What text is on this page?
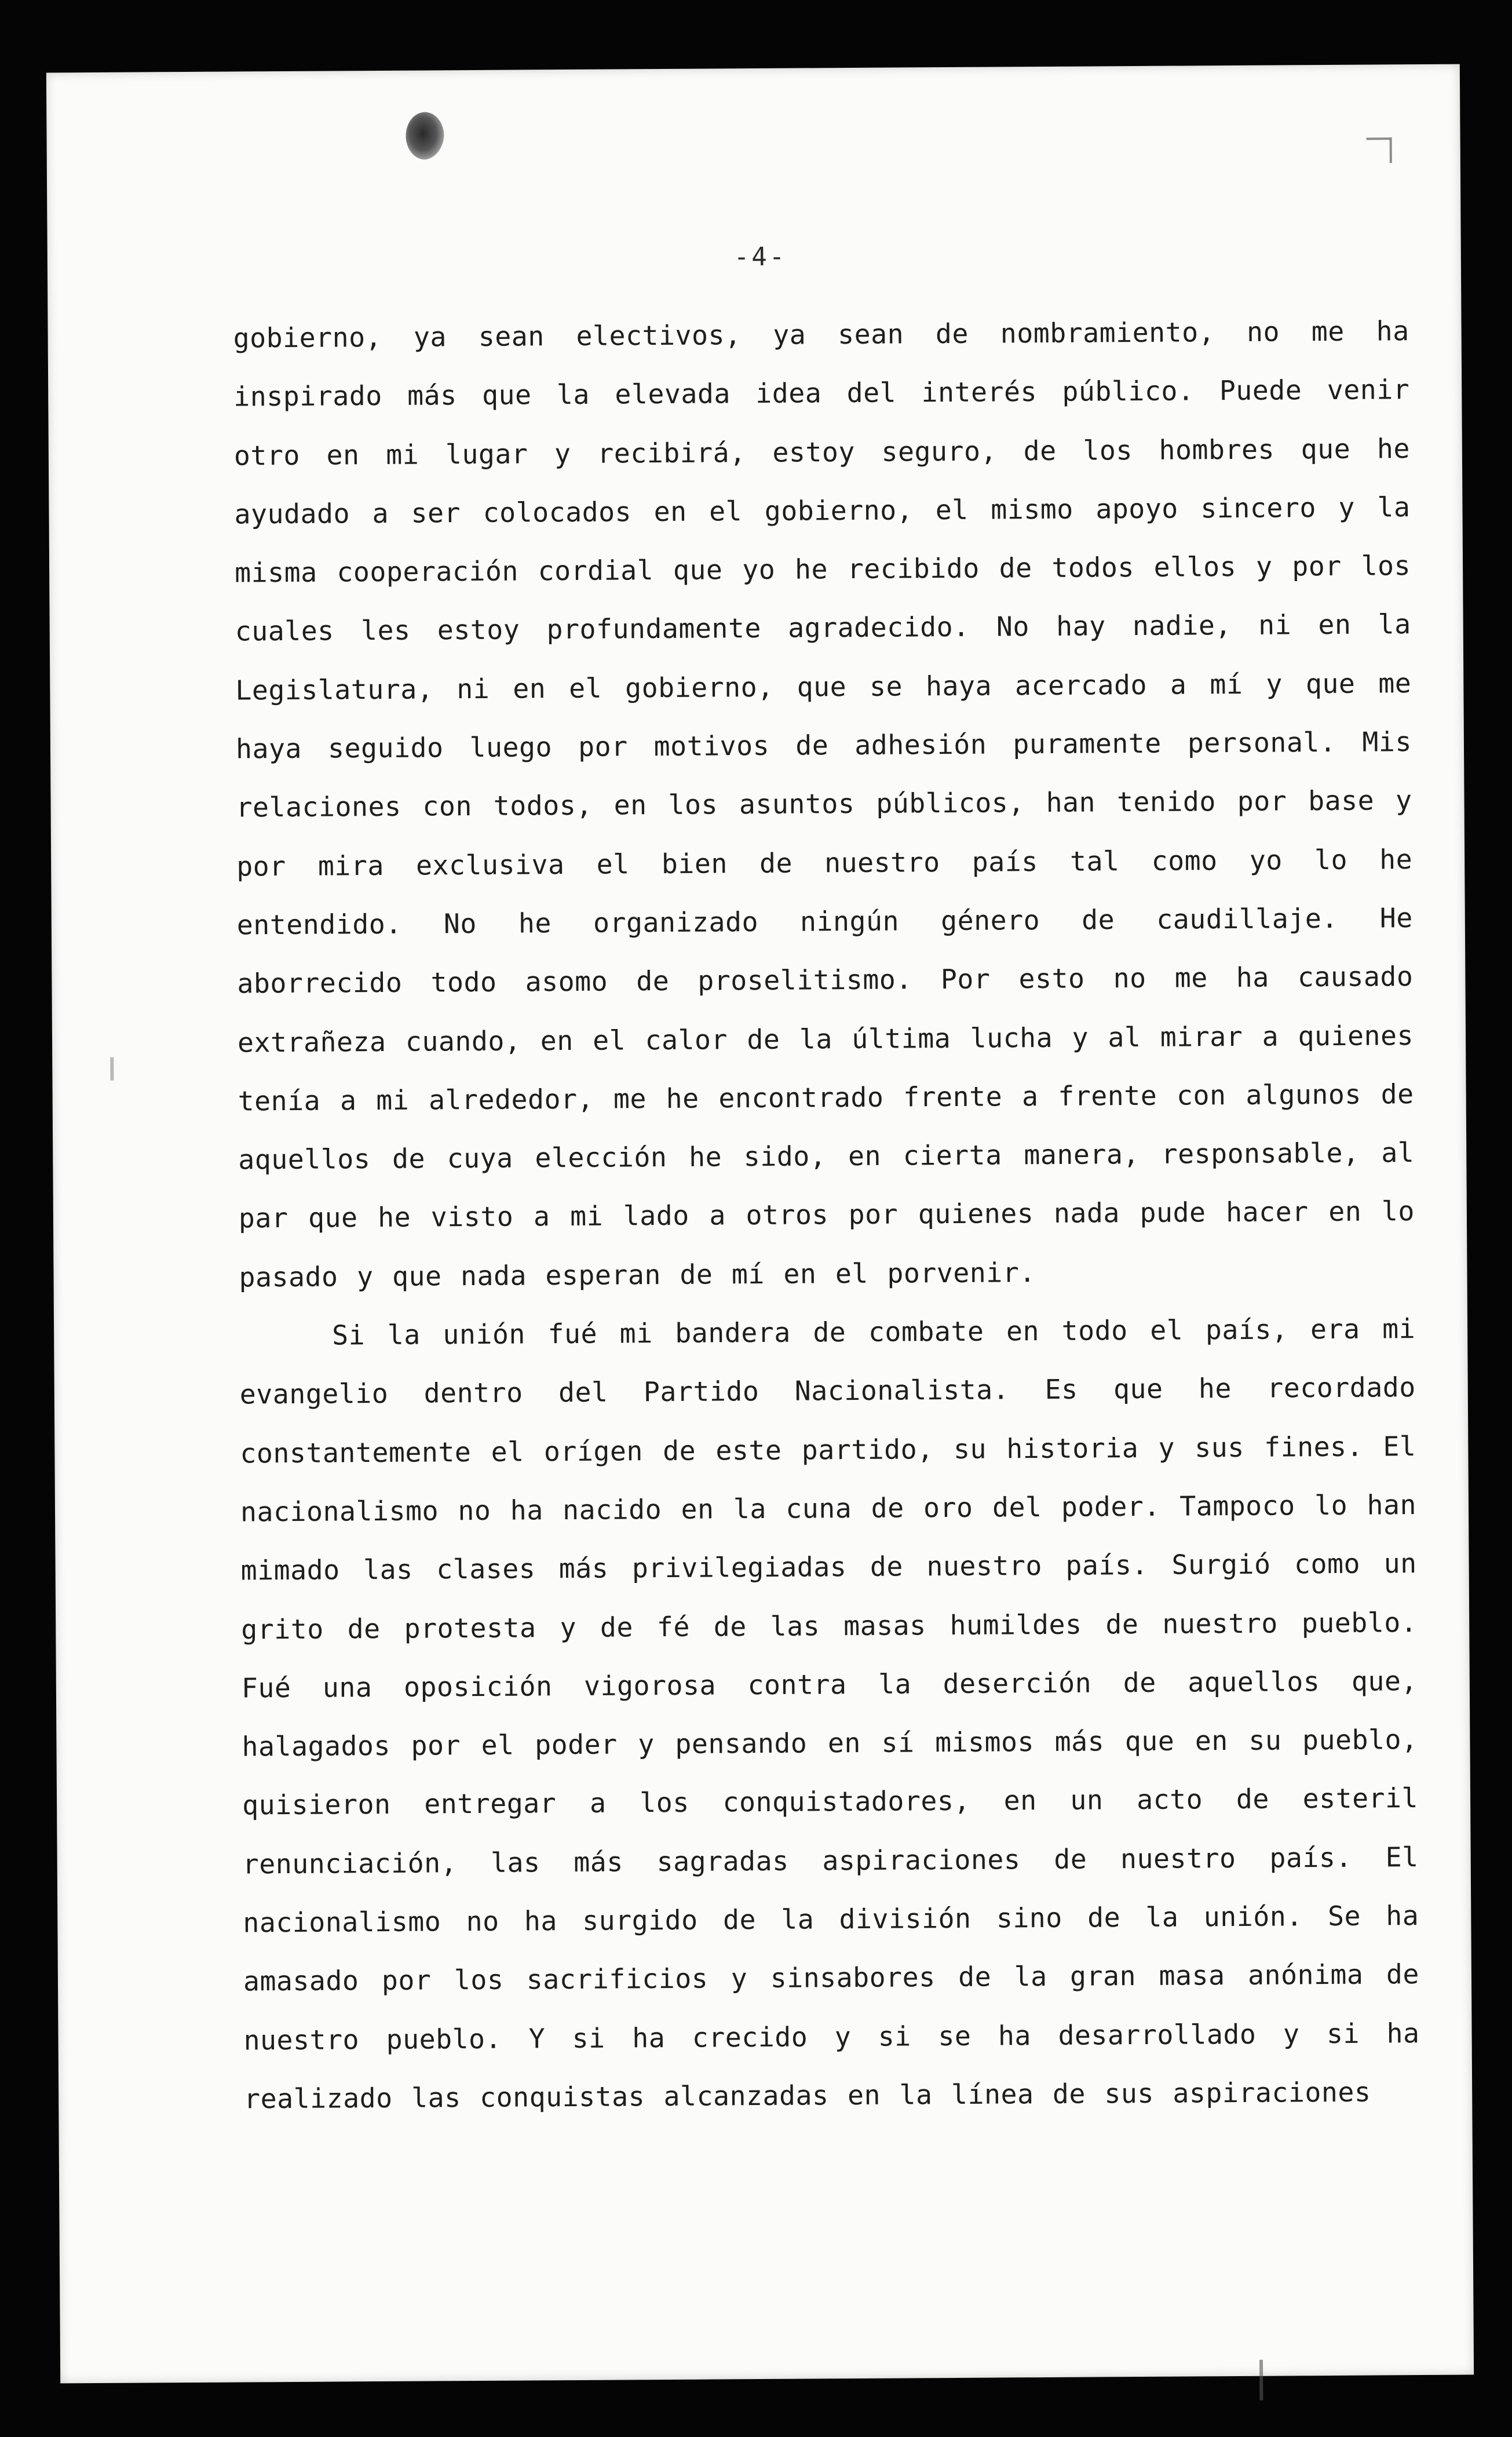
-4-

gobierno, ya sean electivos, ya sean de nombramiento, no me ha inspirado más que la elevada idea del interés público. Puede venir otro en mi lugar y recibirá, estoy seguro, de los hombres que he ayudado a ser colocados en el gobierno, el mismo apoyo sincero y la misma cooperación cordial que yo he recibido de todos ellos y por los cuales les estoy profundamente agradecido. No hay nadie, ni en la Legislatura, ni en el gobierno, que se haya acercado a mí y que me haya seguido luego por motivos de adhesión puramente personal. Mis relaciones con todos, en los asuntos públicos, han tenido por base y por mira exclusiva el bien de nuestro país tal como yo lo he entendido. No he organizado ningún género de caudillaje. He aborrecido todo asomo de proselitismo. Por esto no me ha causado extrañeza cuando, en el calor de la última lucha y al mirar a quienes tenía a mi alrededor, me he encontrado frente a frente con algunos de aquellos de cuya elección he sido, en cierta manera, responsable, al par que he visto a mi lado a otros por quienes nada pude hacer en lo pasado y que nada esperan de mí en el porvenir.

Si la unión fué mi bandera de combate en todo el país, era mi evangelio dentro del Partido Nacionalista. Es que he recordado constantemente el orígen de este partido, su historia y sus fines. El nacionalismo no ha nacido en la cuna de oro del poder. Tampoco lo han mimado las clases más privilegiadas de nuestro país. Surgió como un grito de protesta y de fé de las masas humildes de nuestro pueblo. Fué una oposición vigorosa contra la deserción de aquellos que, halagados por el poder y pensando en sí mismos más que en su pueblo, quisieron entregar a los conquistadores, en un acto de esteril renunciación, las más sagradas aspiraciones de nuestro país. El nacionalismo no ha surgido de la división sino de la unión. Se ha amasado por los sacrificios y sinsabores de la gran masa anónima de nuestro pueblo. Y si ha crecido y si se ha desarrollado y si ha realizado las conquistas alcanzadas en la línea de sus aspiraciones
